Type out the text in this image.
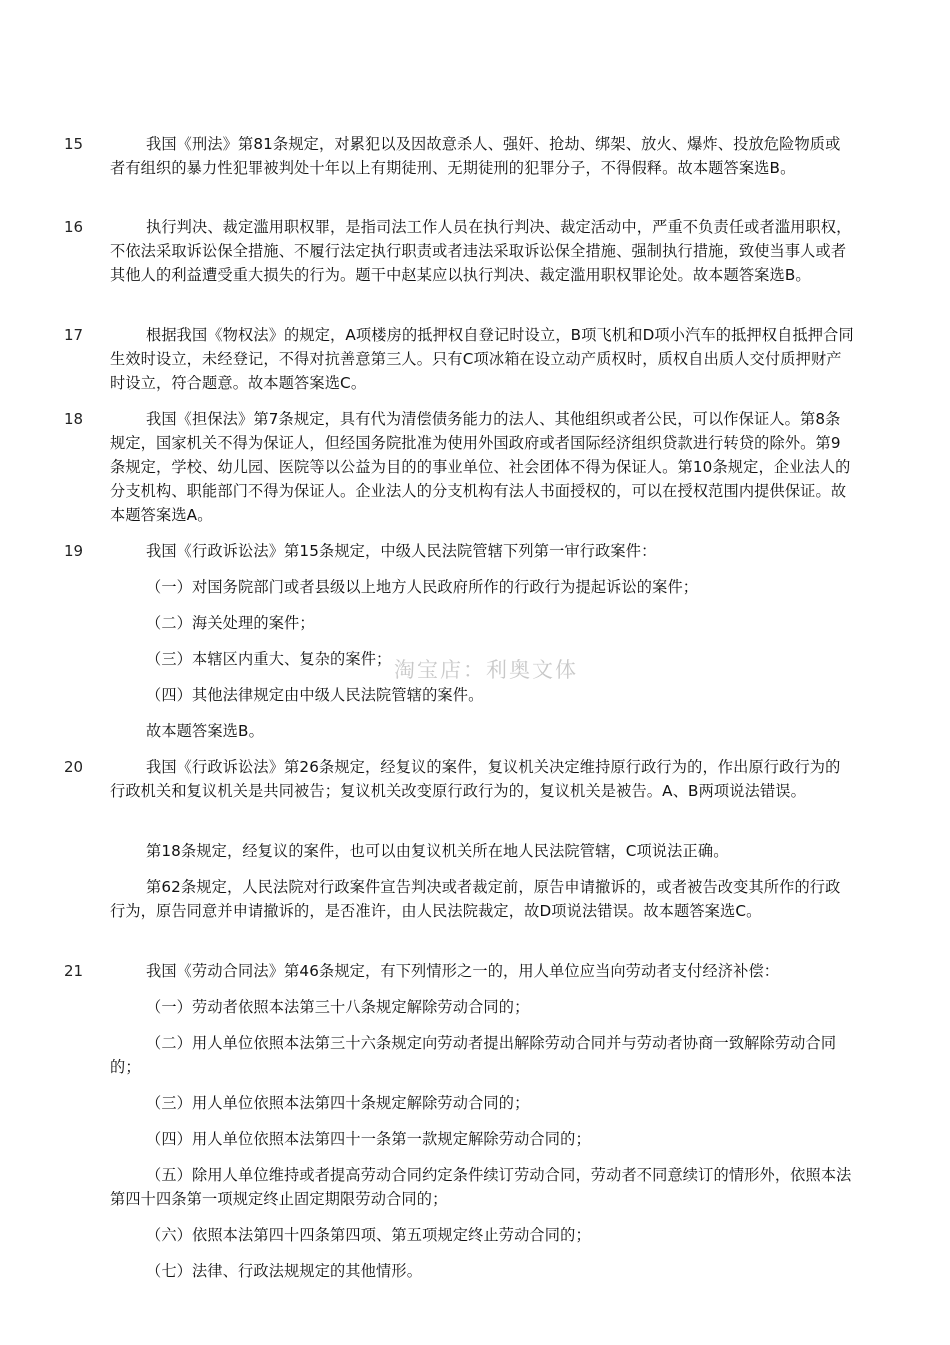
15	我国《刑法》第81条规定，对累犯以及因故意杀人、强奸、抢劫、绑架、放火、爆炸、投放危险物质或者有组织的暴力性犯罪被判处十年以上有期徒刑、无期徒刑的犯罪分子，不得假释。故本题答案选B。

16	执行判决、裁定滥用职权罪，是指司法工作人员在执行判决、裁定活动中，严重不负责任或者滥用职权，不依法采取诉讼保全措施、不履行法定执行职责或者违法采取诉讼保全措施、强制执行措施，致使当事人或者其他人的利益遭受重大损失的行为。题干中赵某应以执行判决、裁定滥用职权罪论处。故本题答案选B。

17	根据我国《物权法》的规定，A项楼房的抵押权自登记时设立，B项飞机和D项小汽车的抵押权自抵押合同生效时设立，未经登记，不得对抗善意第三人。只有C项冰箱在设立动产质权时，质权自出质人交付质押财产时设立，符合题意。故本题答案选C。

18	我国《担保法》第7条规定，具有代为清偿债务能力的法人、其他组织或者公民，可以作保证人。第8条规定，国家机关不得为保证人，但经国务院批准为使用外国政府或者国际经济组织贷款进行转贷的除外。第9条规定，学校、幼儿园、医院等以公益为目的的事业单位、社会团体不得为保证人。第10条规定，企业法人的分支机构、职能部门不得为保证人。企业法人的分支机构有法人书面授权的，可以在授权范围内提供保证。故本题答案选A。

19	我国《行政诉讼法》第15条规定，中级人民法院管辖下列第一审行政案件：

（一）对国务院部门或者县级以上地方人民政府所作的行政行为提起诉讼的案件；

（二）海关处理的案件；

（三）本辖区内重大、复杂的案件；

（四）其他法律规定由中级人民法院管辖的案件。

故本题答案选B。

20	我国《行政诉讼法》第26条规定，经复议的案件，复议机关决定维持原行政行为的，作出原行政行为的行政机关和复议机关是共同被告；复议机关改变原行政行为的，复议机关是被告。A、B两项说法错误。

第18条规定，经复议的案件，也可以由复议机关所在地人民法院管辖，C项说法正确。

第62条规定，人民法院对行政案件宣告判决或者裁定前，原告申请撤诉的，或者被告改变其所作的行政行为，原告同意并申请撤诉的，是否准许，由人民法院裁定，故D项说法错误。故本题答案选C。

21	我国《劳动合同法》第46条规定，有下列情形之一的，用人单位应当向劳动者支付经济补偿：

（一）劳动者依照本法第三十八条规定解除劳动合同的；

（二）用人单位依照本法第三十六条规定向劳动者提出解除劳动合同并与劳动者协商一致解除劳动合同的；

（三）用人单位依照本法第四十条规定解除劳动合同的；

（四）用人单位依照本法第四十一条第一款规定解除劳动合同的；

（五）除用人单位维持或者提高劳动合同约定条件续订劳动合同，劳动者不同意续订的情形外，依照本法第四十四条第一项规定终止固定期限劳动合同的；

（六）依照本法第四十四条第四项、第五项规定终止劳动合同的；

（七）法律、行政法规规定的其他情形。

淘宝店：利奥文体
